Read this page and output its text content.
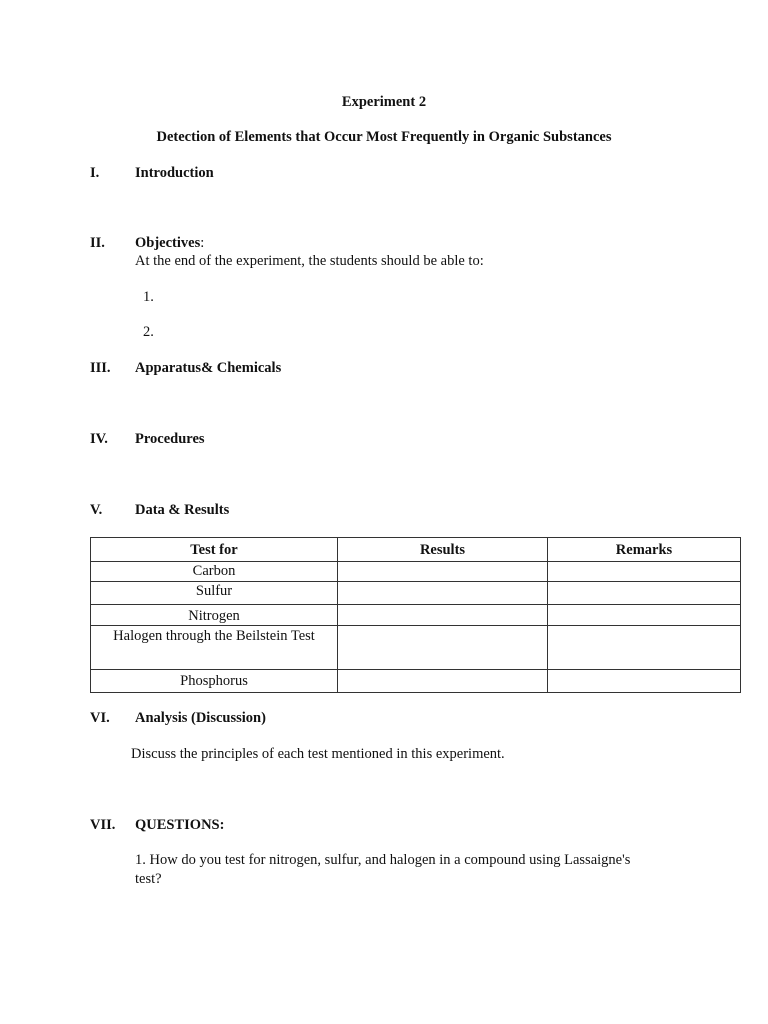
Experiment 2
Detection of Elements that Occur Most Frequently in Organic Substances
I. Introduction
II. Objectives:
At the end of the experiment, the students should be able to:
1.
2.
III. Apparatus& Chemicals
IV. Procedures
V. Data & Results
Test for	Results	Remarks
Carbon		
Sulfur		
Nitrogen		
Halogen through the Beilstein Test		
Phosphorus		
VI. Analysis (Discussion)
Discuss the principles of each test mentioned in this experiment.
VII. QUESTIONS:
1. How do you test for nitrogen, sulfur, and halogen in a compound using Lassaigne's
test?
